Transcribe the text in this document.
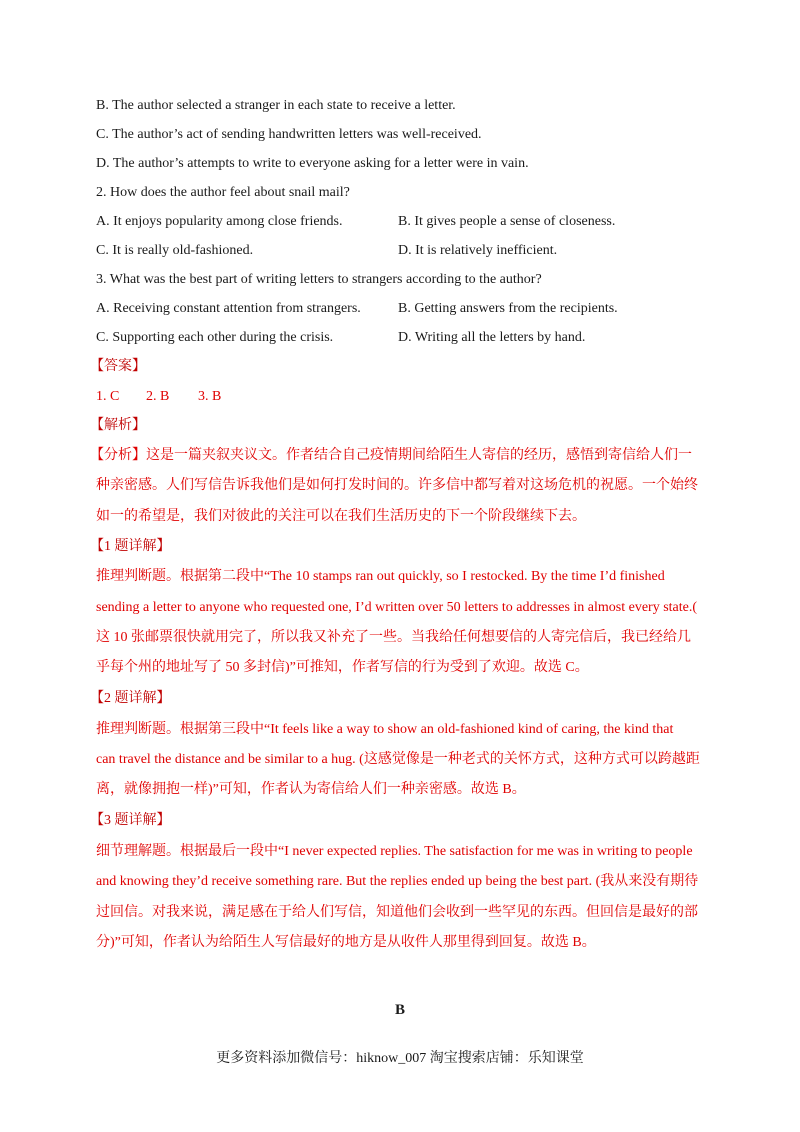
B. The author selected a stranger in each state to receive a letter.
C. The author’s act of sending handwritten letters was well-received.
D. The author’s attempts to write to everyone asking for a letter were in vain.
2. How does the author feel about snail mail?
A. It enjoys popularity among close friends.	B. It gives people a sense of closeness.
C. It is really old-fashioned.	D. It is relatively inefficient.
3. What was the best part of writing letters to strangers according to the author?
A. Receiving constant attention from strangers.	B. Getting answers from the recipients.
C. Supporting each other during the crisis.	D. Writing all the letters by hand.
【答案】
1. C 2. B 3. B
【解析】
【分析】这是一篇夹叙夹议文。作者结合自己疫情期间给陌生人寄信的经历，感悟到寄信给人们一
种亲密感。人们写信告诉我他们是如何打发时间的。许多信中都写着对这场危机的祝愿。一个始终
如一的希望是，我们对彼此的关注可以在我们生活历史的下一个阶段继续下去。
【1 题详解】
推理判断题。根据第二段中“The 10 stamps ran out quickly, so I restocked. By the time I’d finished
sending a letter to anyone who requested one, I’d written over 50 letters to addresses in almost every state.(
这 10 张邮票很快就用完了，所以我又补充了一些。当我给任何想要信的人寄完信后，我已经给几
乎每个州的地址写了 50 多封信)”可推知，作者写信的行为受到了欢迎。故选 C。
【2 题详解】
推理判断题。根据第三段中“It feels like a way to show an old-fashioned kind of caring, the kind that
can travel the distance and be similar to a hug. (这感觉像是一种老式的关怀方式，这种方式可以跨越距
离，就像拥抱一样)”可知，作者认为寄信给人们一种亲密感。故选 B。
【3 题详解】
细节理解题。根据最后一段中“I never expected replies. The satisfaction for me was in writing to people
and knowing they’d receive something rare. But the replies ended up being the best part. (我从来没有期待
过回信。对我来说，满足感在于给人们写信，知道他们会收到一些罕见的东西。但回信是最好的部
分)”可知，作者认为给陌生人写信最好的地方是从收件人那里得到回复。故选 B。
B
更多资料添加微信号：hiknow_007 淘宝搜索店铺：乐知课堂
